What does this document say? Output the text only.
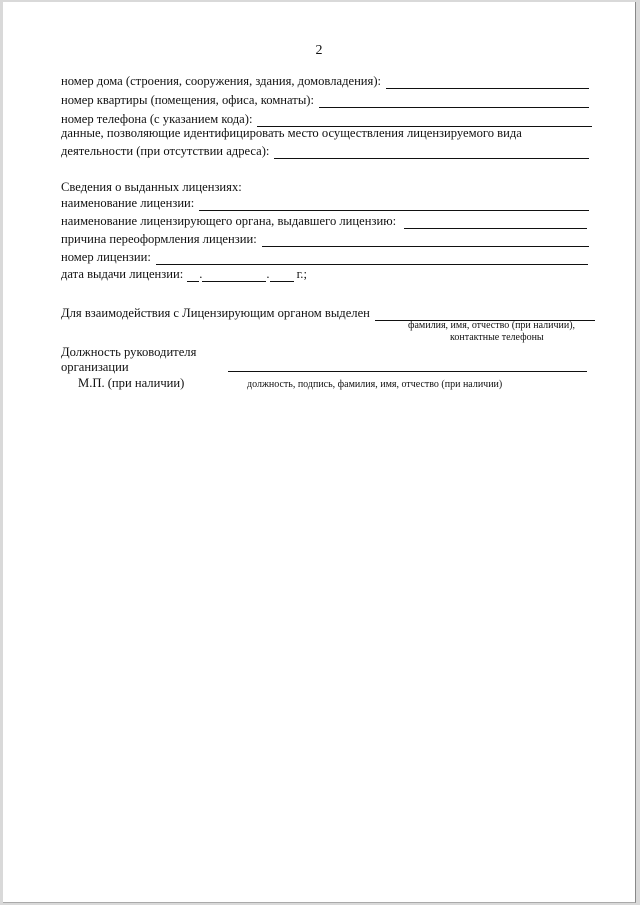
2
номер дома (строения, сооружения, здания, домовладения):
номер квартиры (помещения, офиса, комнаты):
номер телефона (с указанием кода):
данные, позволяющие идентифицировать место осуществления лицензируемого вида
деятельности (при отсутствии адреса):
Сведения о выданных лицензиях:
наименование лицензии:
наименование лицензирующего органа, выдавшего лицензию:
причина переоформления лицензии:
номер лицензии:
дата выдачи лицензии: .	. г.;
Для взаимодействия с Лицензирующим органом выделен
фамилия, имя, отчество (при наличии),
контактные телефоны
Должность руководителя
организации
М.П. (при наличии)	должность, подпись, фамилия, имя, отчество (при наличии)
